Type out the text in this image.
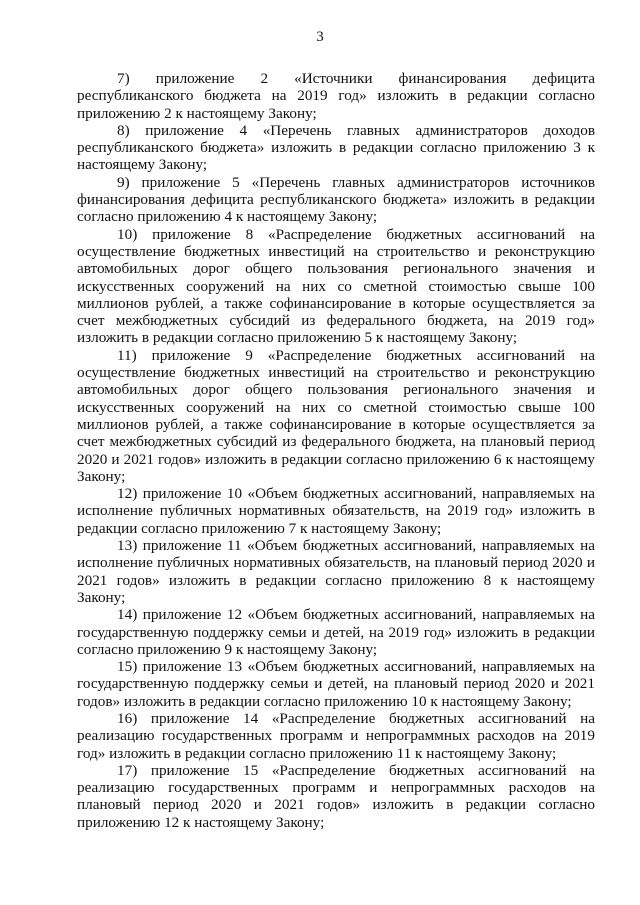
3

7) приложение 2 «Источники финансирования дефицита республиканского бюджета на 2019 год» изложить в редакции согласно приложению 2 к настоящему Закону;

8) приложение 4 «Перечень главных администраторов доходов республиканского бюджета» изложить в редакции согласно приложению 3 к настоящему Закону;

9) приложение 5 «Перечень главных администраторов источников финансирования дефицита республиканского бюджета» изложить в редакции согласно приложению 4 к настоящему Закону;

10) приложение 8 «Распределение бюджетных ассигнований на осуществление бюджетных инвестиций на строительство и реконструкцию автомобильных дорог общего пользования регионального значения и искусственных сооружений на них со сметной стоимостью свыше 100 миллионов рублей, а также софинансирование в которые осуществляется за счет межбюджетных субсидий из федерального бюджета, на 2019 год» изложить в редакции согласно приложению 5 к настоящему Закону;

11) приложение 9 «Распределение бюджетных ассигнований на осуществление бюджетных инвестиций на строительство и реконструкцию автомобильных дорог общего пользования регионального значения и искусственных сооружений на них со сметной стоимостью свыше 100 миллионов рублей, а также софинансирование в которые осуществляется за счет межбюджетных субсидий из федерального бюджета, на плановый период 2020 и 2021 годов» изложить в редакции согласно приложению 6 к настоящему Закону;

12) приложение 10 «Объем бюджетных ассигнований, направляемых на исполнение публичных нормативных обязательств, на 2019 год» изложить в редакции согласно приложению 7 к настоящему Закону;

13) приложение 11 «Объем бюджетных ассигнований, направляемых на исполнение публичных нормативных обязательств, на плановый период 2020 и 2021 годов» изложить в редакции согласно приложению 8 к настоящему Закону;

14) приложение 12 «Объем бюджетных ассигнований, направляемых на государственную поддержку семьи и детей, на 2019 год» изложить в редакции согласно приложению 9 к настоящему Закону;

15) приложение 13 «Объем бюджетных ассигнований, направляемых на государственную поддержку семьи и детей, на плановый период 2020 и 2021 годов» изложить в редакции согласно приложению 10 к настоящему Закону;

16) приложение 14 «Распределение бюджетных ассигнований на реализацию государственных программ и непрограммных расходов на 2019 год» изложить в редакции согласно приложению 11 к настоящему Закону;

17) приложение 15 «Распределение бюджетных ассигнований на реализацию государственных программ и непрограммных расходов на плановый период 2020 и 2021 годов» изложить в редакции согласно приложению 12 к настоящему Закону;
